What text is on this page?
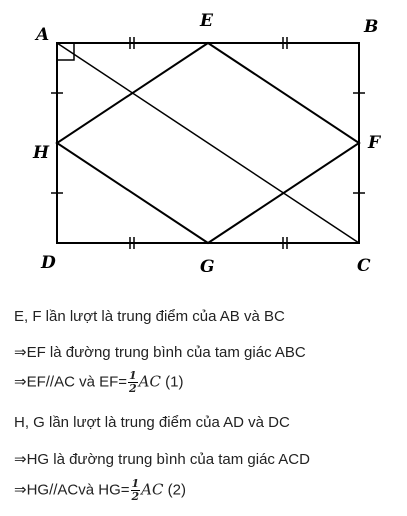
A
E	B
H	F
D	G	C
E, F lần lượt là trung điểm của AB và BC
⇒EF là đường trung bình của tam giác ABC
⇒EF//AC và $EF= \frac{1}{2}$ AC (1)
H, G lần lượt là trung điểm của AD và DC
⇒HG là đường trung bình của tam giác ACD
⇒HG//ACvà $HG= \frac{1}{2}$ AC (2)
